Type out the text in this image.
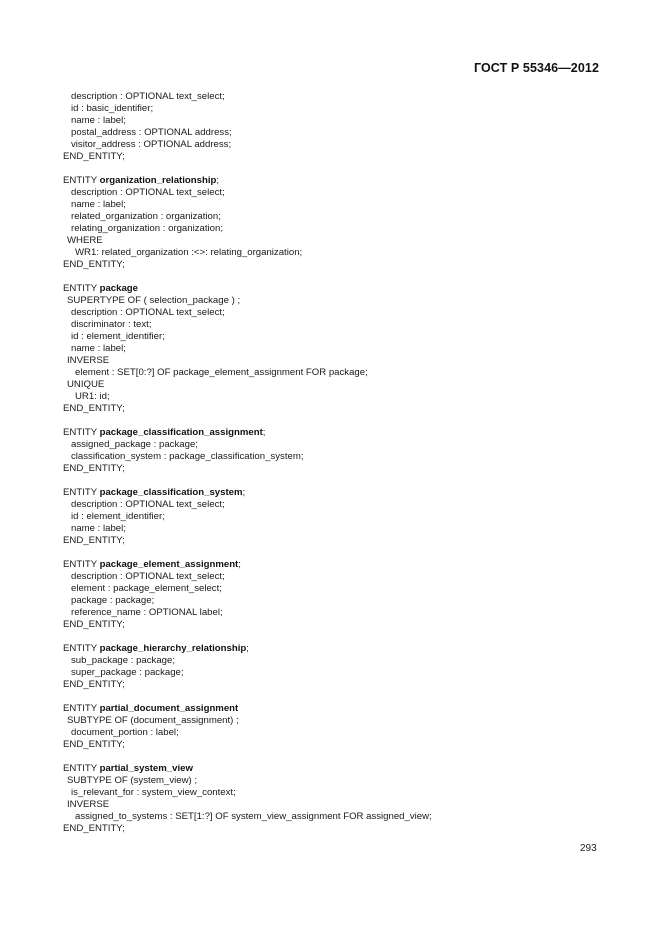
ГОСТ Р 55346—2012
description : OPTIONAL text_select;
id : basic_identifier;
name : label;
postal_address : OPTIONAL address;
visitor_address : OPTIONAL address;
END_ENTITY;
ENTITY organization_relationship;
description : OPTIONAL text_select;
name : label;
related_organization : organization;
relating_organization : organization;
WHERE
WR1: related_organization :<>: relating_organization;
END_ENTITY;
ENTITY package
SUPERTYPE OF ( selection_package ) ;
description : OPTIONAL text_select;
discriminator : text;
id : element_identifier;
name : label;
INVERSE
element : SET[0:?] OF package_element_assignment FOR package;
UNIQUE
UR1: id;
END_ENTITY;
ENTITY package_classification_assignment;
assigned_package : package;
classification_system : package_classification_system;
END_ENTITY;
ENTITY package_classification_system;
description : OPTIONAL text_select;
id : element_identifier;
name : label;
END_ENTITY;
ENTITY package_element_assignment;
description : OPTIONAL text_select;
element : package_element_select;
package : package;
reference_name : OPTIONAL label;
END_ENTITY;
ENTITY package_hierarchy_relationship;
sub_package : package;
super_package : package;
END_ENTITY;
ENTITY partial_document_assignment
SUBTYPE OF (document_assignment) ;
document_portion : label;
END_ENTITY;
ENTITY partial_system_view
SUBTYPE OF (system_view) ;
is_relevant_for : system_view_context;
INVERSE
assigned_to_systems : SET[1:?] OF system_view_assignment FOR assigned_view;
END_ENTITY;
293
